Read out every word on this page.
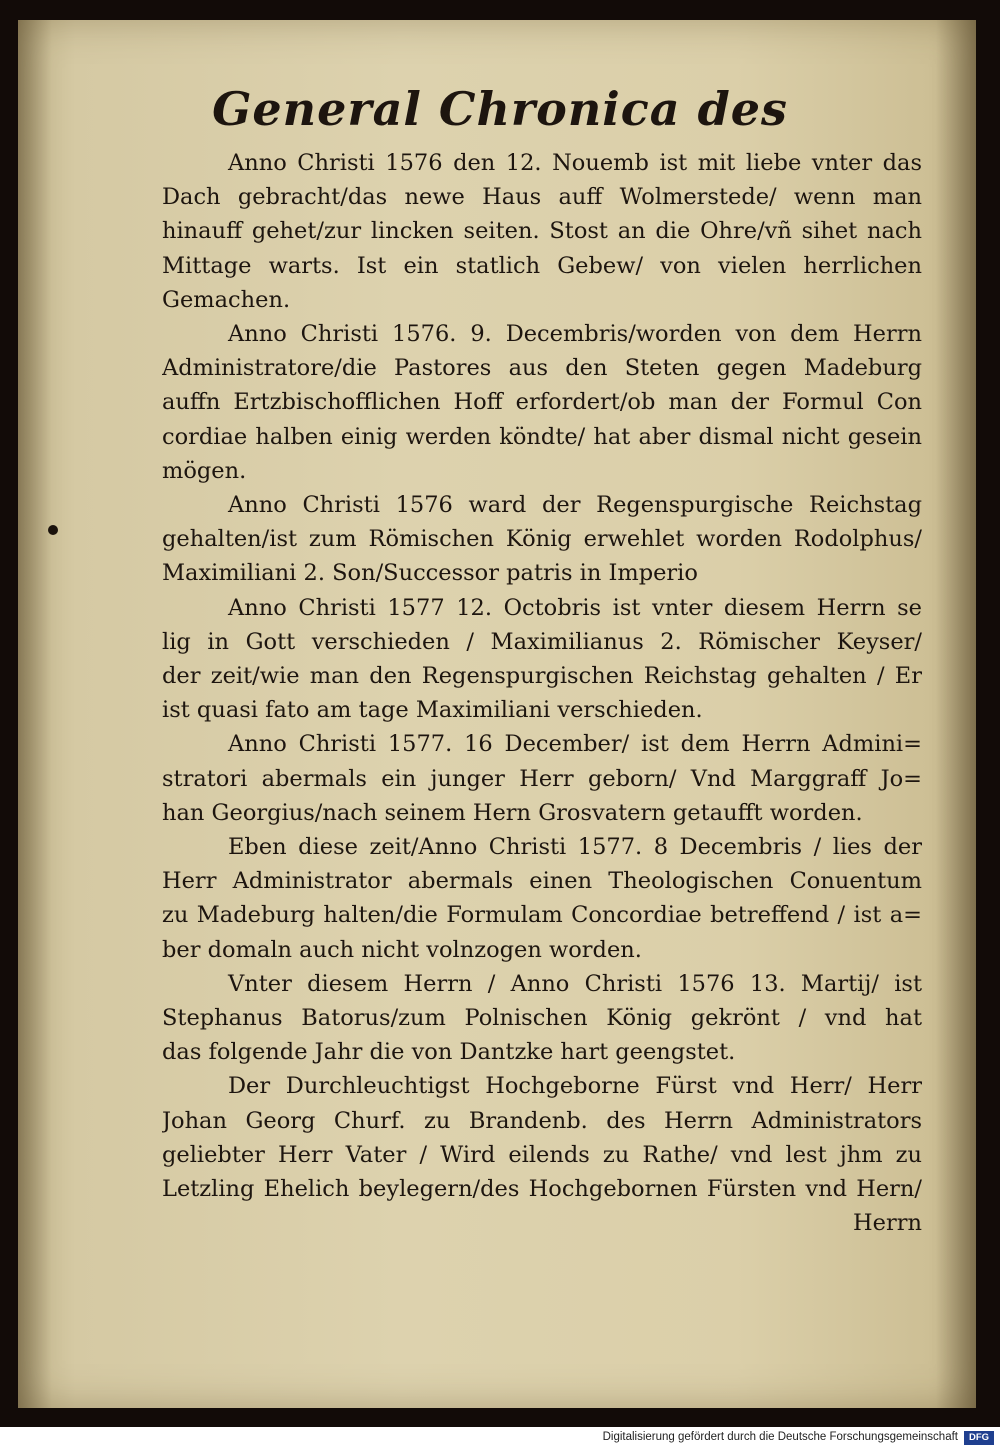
General Chronica des
Anno Christi 1576 den 12. Nouemb ist mit liebe vnter das
Dach gebracht/das newe Haus auff Wolmerstede/ wenn man
hinauff gehet/zur lincken seiten. Stost an die Ohre/vñ sihet nach
Mittage warts. Ist ein statlich Gebew/ von vielen herrlichen
Gemachen.
Anno Christi 1576. 9. Decembris/worden von dem Herrn
Administratore/die Pastores aus den Steten gegen Madeburg
auffn Ertzbischofflichen Hoff erfordert/ob man der Formul Con
cordiae halben einig werden köndte/ hat aber dismal nicht gesein
mögen.
Anno Christi 1576 ward der Regenspurgische Reichstag
gehalten/ist zum Römischen König erwehlet worden Rodolphus/
Maximiliani 2. Son/Successor patris in Imperio
Anno Christi 1577 12. Octobris ist vnter diesem Herrn se
lig in Gott verschieden / Maximilianus 2. Römischer Keyser/
der zeit/wie man den Regenspurgischen Reichstag gehalten / Er
ist quasi fato am tage Maximiliani verschieden.
Anno Christi 1577. 16 December/ ist dem Herrn Admini=
stratori abermals ein junger Herr geborn/ Vnd Marggraff Jo=
han Georgius/nach seinem Hern Grosvatern getaufft worden.
Eben diese zeit/Anno Christi 1577. 8 Decembris / lies der
Herr Administrator abermals einen Theologischen Conuentum
zu Madeburg halten/die Formulam Concordiae betreffend / ist a=
ber domaln auch nicht volnzogen worden.
Vnter diesem Herrn / Anno Christi 1576 13. Martij/ ist
Stephanus Batorus/zum Polnischen König gekrönt / vnd hat
das folgende Jahr die von Dantzke hart geengstet.
Der Durchleuchtigst Hochgeborne Fürst vnd Herr/ Herr
Johan Georg Churf. zu Brandenb. des Herrn Administrators
geliebter Herr Vater / Wird eilends zu Rathe/ vnd lest jhm zu
Letzling Ehelich beylegern/des Hochgebornen Fürsten vnd Hern/
Herrn
Digitalisierung gefördert durch die Deutsche Forschungsgemeinschaft	DFG
